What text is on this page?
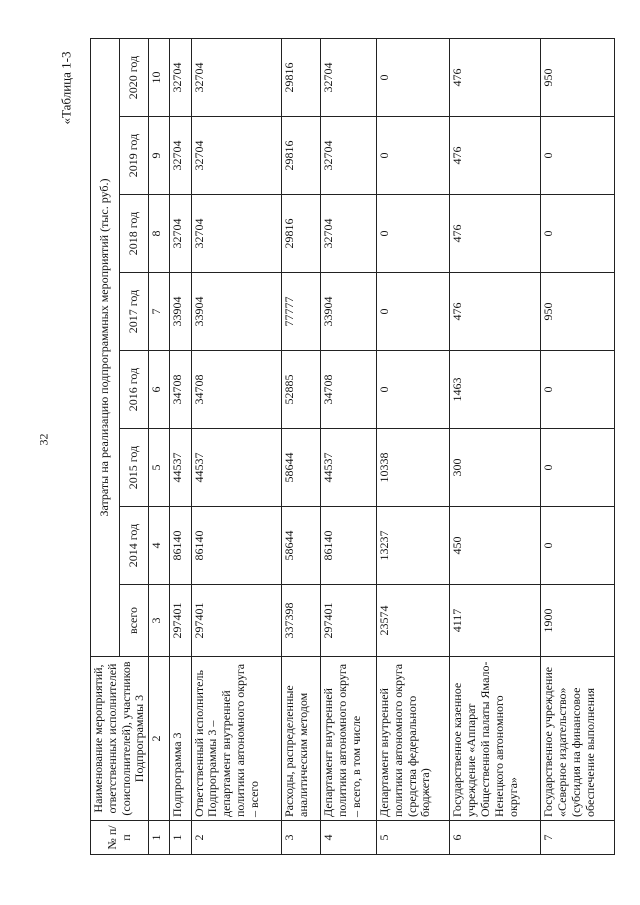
32
«Таблица 1-3
№ п/п	Наименование мероприятий, ответственных исполнителей (соисполнителей), участников Подпрограммы 3	Затраты на реализацию подпрограммных мероприятий (тыс. руб.)							
		всего	2014 год	2015 год	2016 год	2017 год	2018 год	2019 год	2020 год
1	2	3	4	5	6	7	8	9	10
1	Подпрограмма 3	297401	86140	44537	34708	33904	32704	32704	32704
2	Ответственный исполнитель Подпрограммы 3 – департамент внутренней политики автономного округа – всего	297401	86140	44537	34708	33904	32704	32704	32704
3	Расходы, распределенные аналитическим методом	337398	58644	58644	52885	77777	29816	29816	29816
4	Департамент внутренней политики автономного округа – всего, в том числе	297401	86140	44537	34708	33904	32704	32704	32704
5	Департамент внутренней политики автономного округа (средства федерального бюджета)	23574	13237	10338	0	0	0	0	0
6	Государственное казенное учреждение «Аппарат Общественной палаты Ямало-Ненецкого автономного округа»	4117	450	300	1463	476	476	476	476
7	Государственное учреждение «Северное издательство» (субсидия на финансовое обеспечение выполнения	1900	0	0	0	950	0	0	950
